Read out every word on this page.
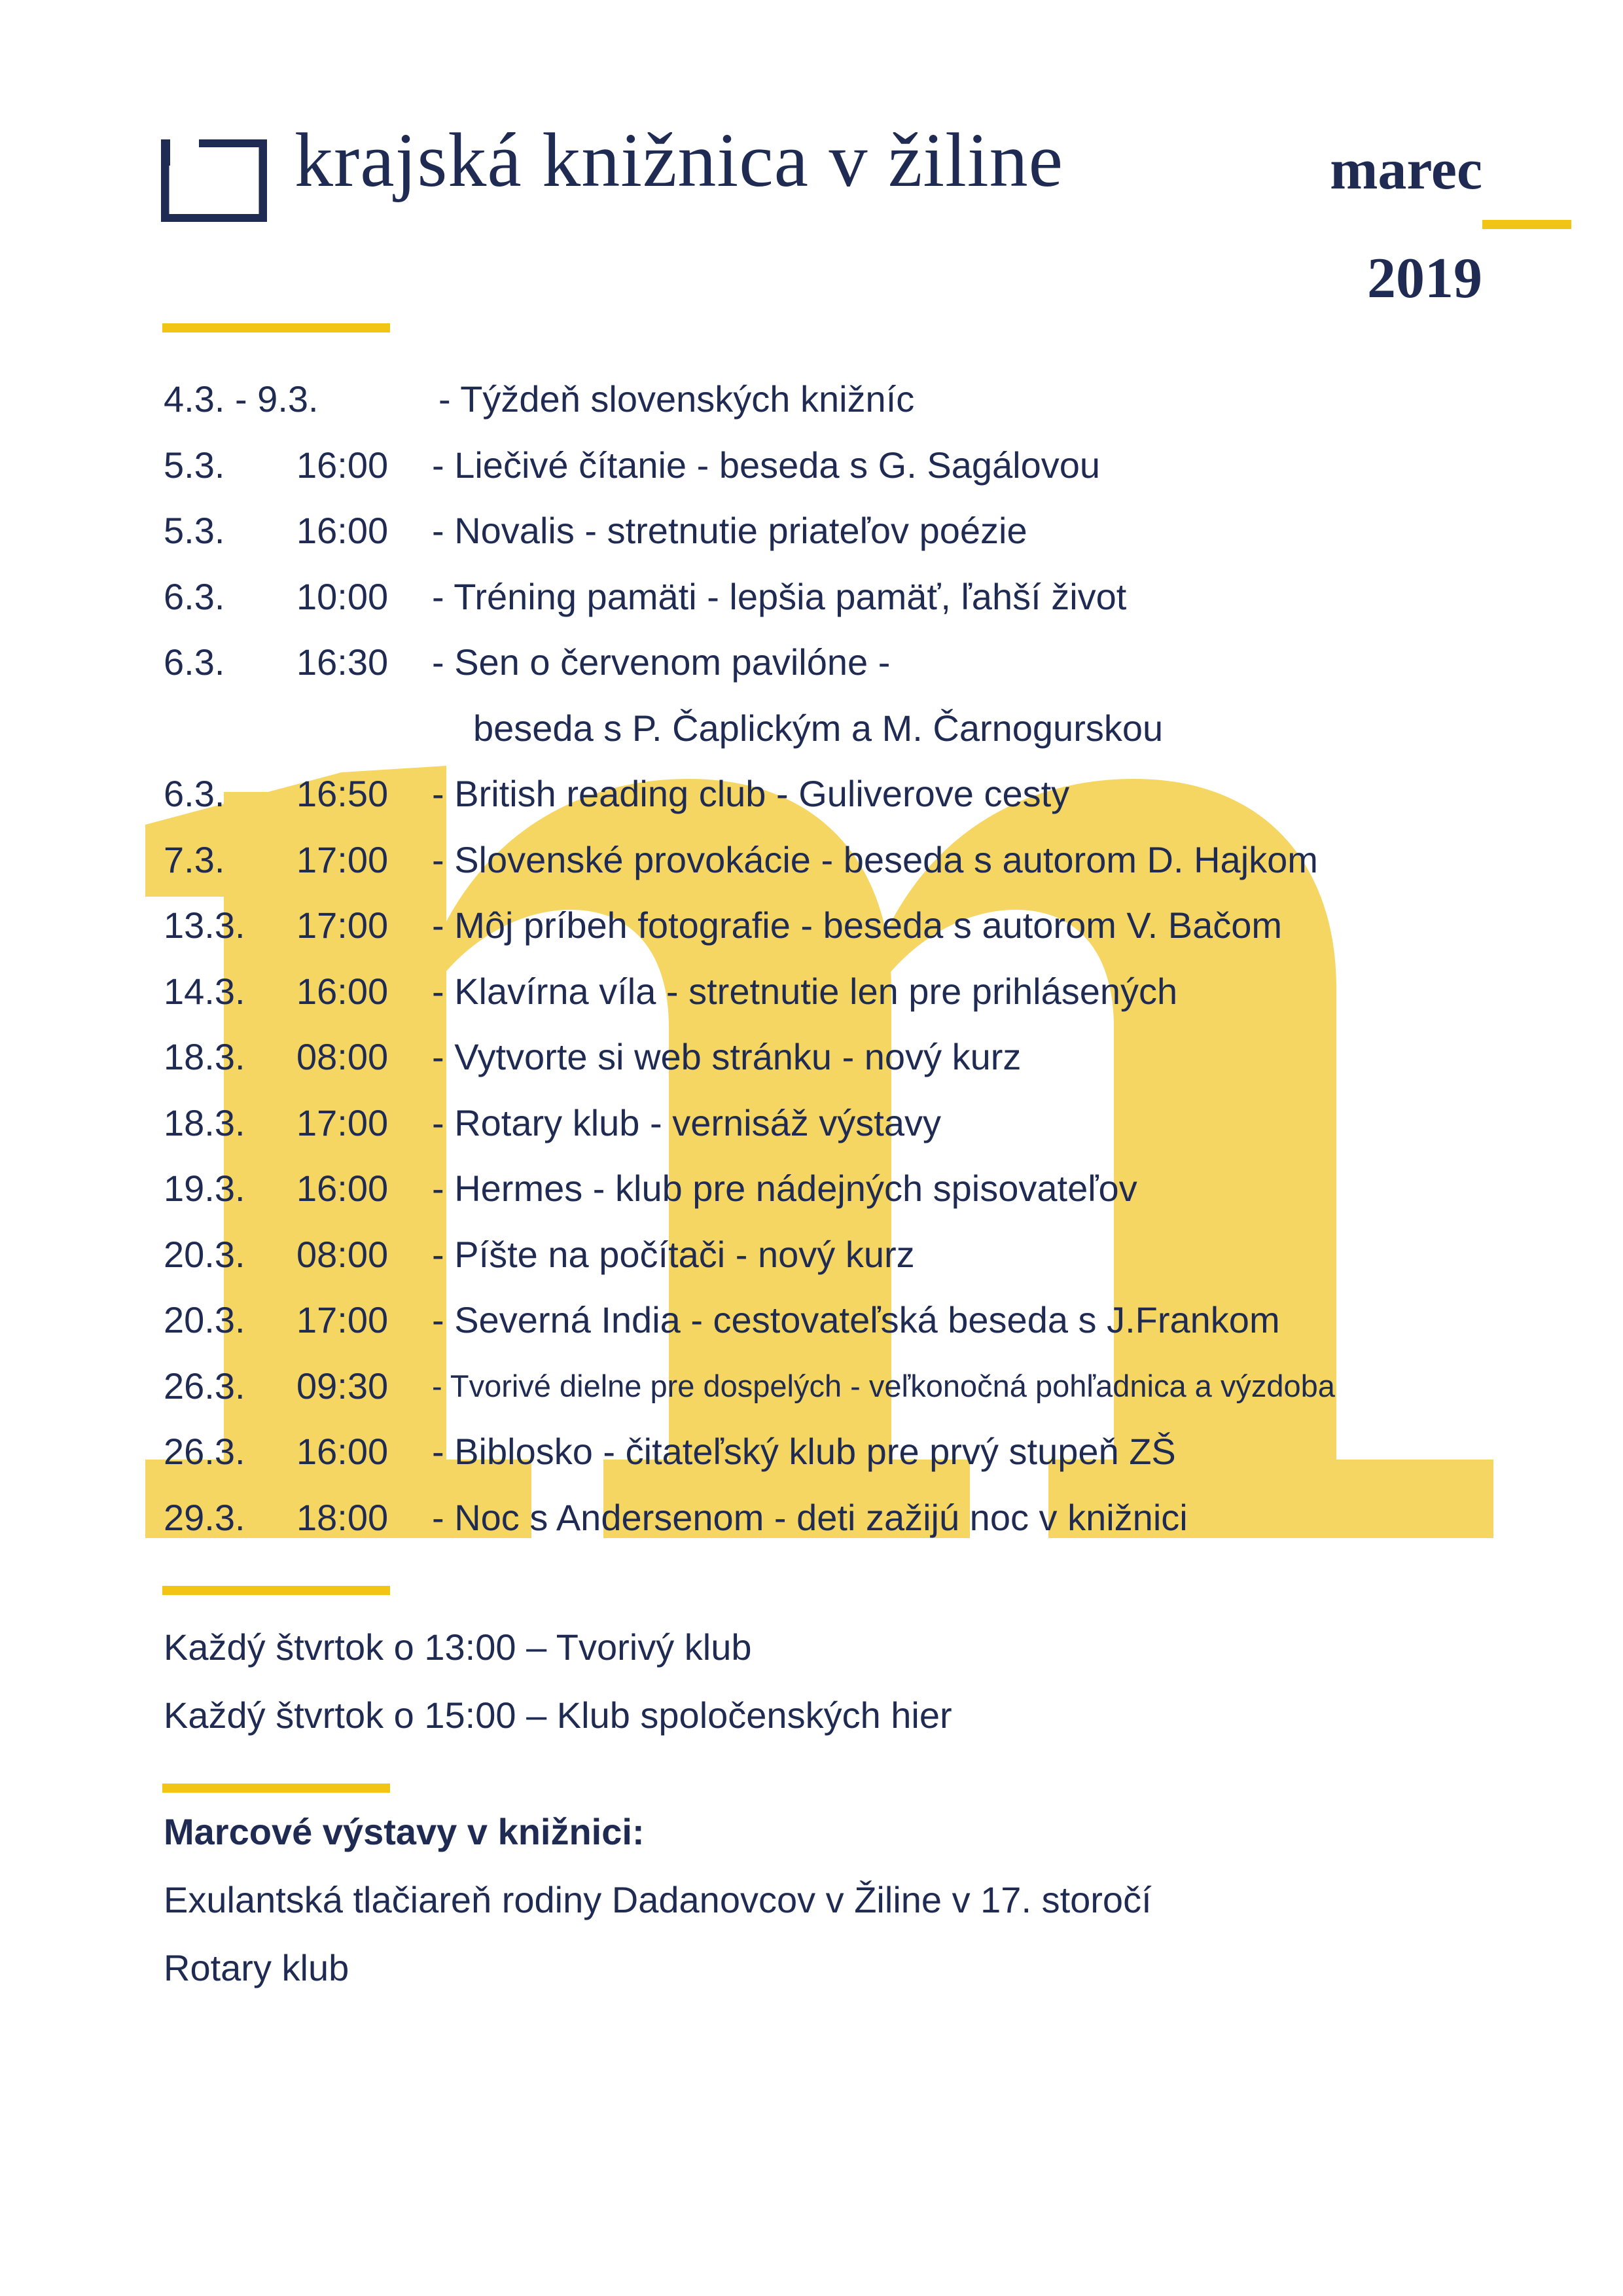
krajská knižnica v žiline	marec
2019
4.3. - 9.3.	- Týždeň slovenských knižníc
5.3. 16:00 - Liečivé čítanie - beseda s G. Sagálovou
5.3. 16:00 - Novalis - stretnutie priateľov poézie
6.3. 10:00 - Tréning pamäti - lepšia pamäť, ľahší život
6.3. 16:30 - Sen o červenom pavilóne -
beseda s P. Čaplickým a M. Čarnogurskou
6.3. 16:50 - British reading club - Guliverove cesty
7.3. 17:00 - Slovenské provokácie - beseda s autorom D. Hajkom
13.3. 17:00 - Môj príbeh fotografie - beseda s autorom V. Bačom
14.3. 16:00 - Klavírna víla - stretnutie len pre prihlásených
18.3. 08:00 - Vytvorte si web stránku - nový kurz
18.3. 17:00 - Rotary klub - vernisáž výstavy
19.3. 16:00 - Hermes - klub pre nádejných spisovateľov
20.3. 08:00 - Píšte na počítači - nový kurz
20.3. 17:00 - Severná India - cestovateľská beseda s J.Frankom
26.3. 09:30 - Tvorivé dielne pre dospelých - veľkonočná pohľadnica a výzdoba
26.3. 16:00 - Biblosko - čitateľský klub pre prvý stupeň ZŠ
29.3. 18:00 - Noc s Andersenom - deti zažijú noc v knižnici
Každý štvrtok o 13:00 – Tvorivý klub
Každý štvrtok o 15:00 – Klub spoločenských hier
Marcové výstavy v knižnici:
Exulantská tlačiareň rodiny Dadanovcov v Žiline v 17. storočí
Rotary klub
